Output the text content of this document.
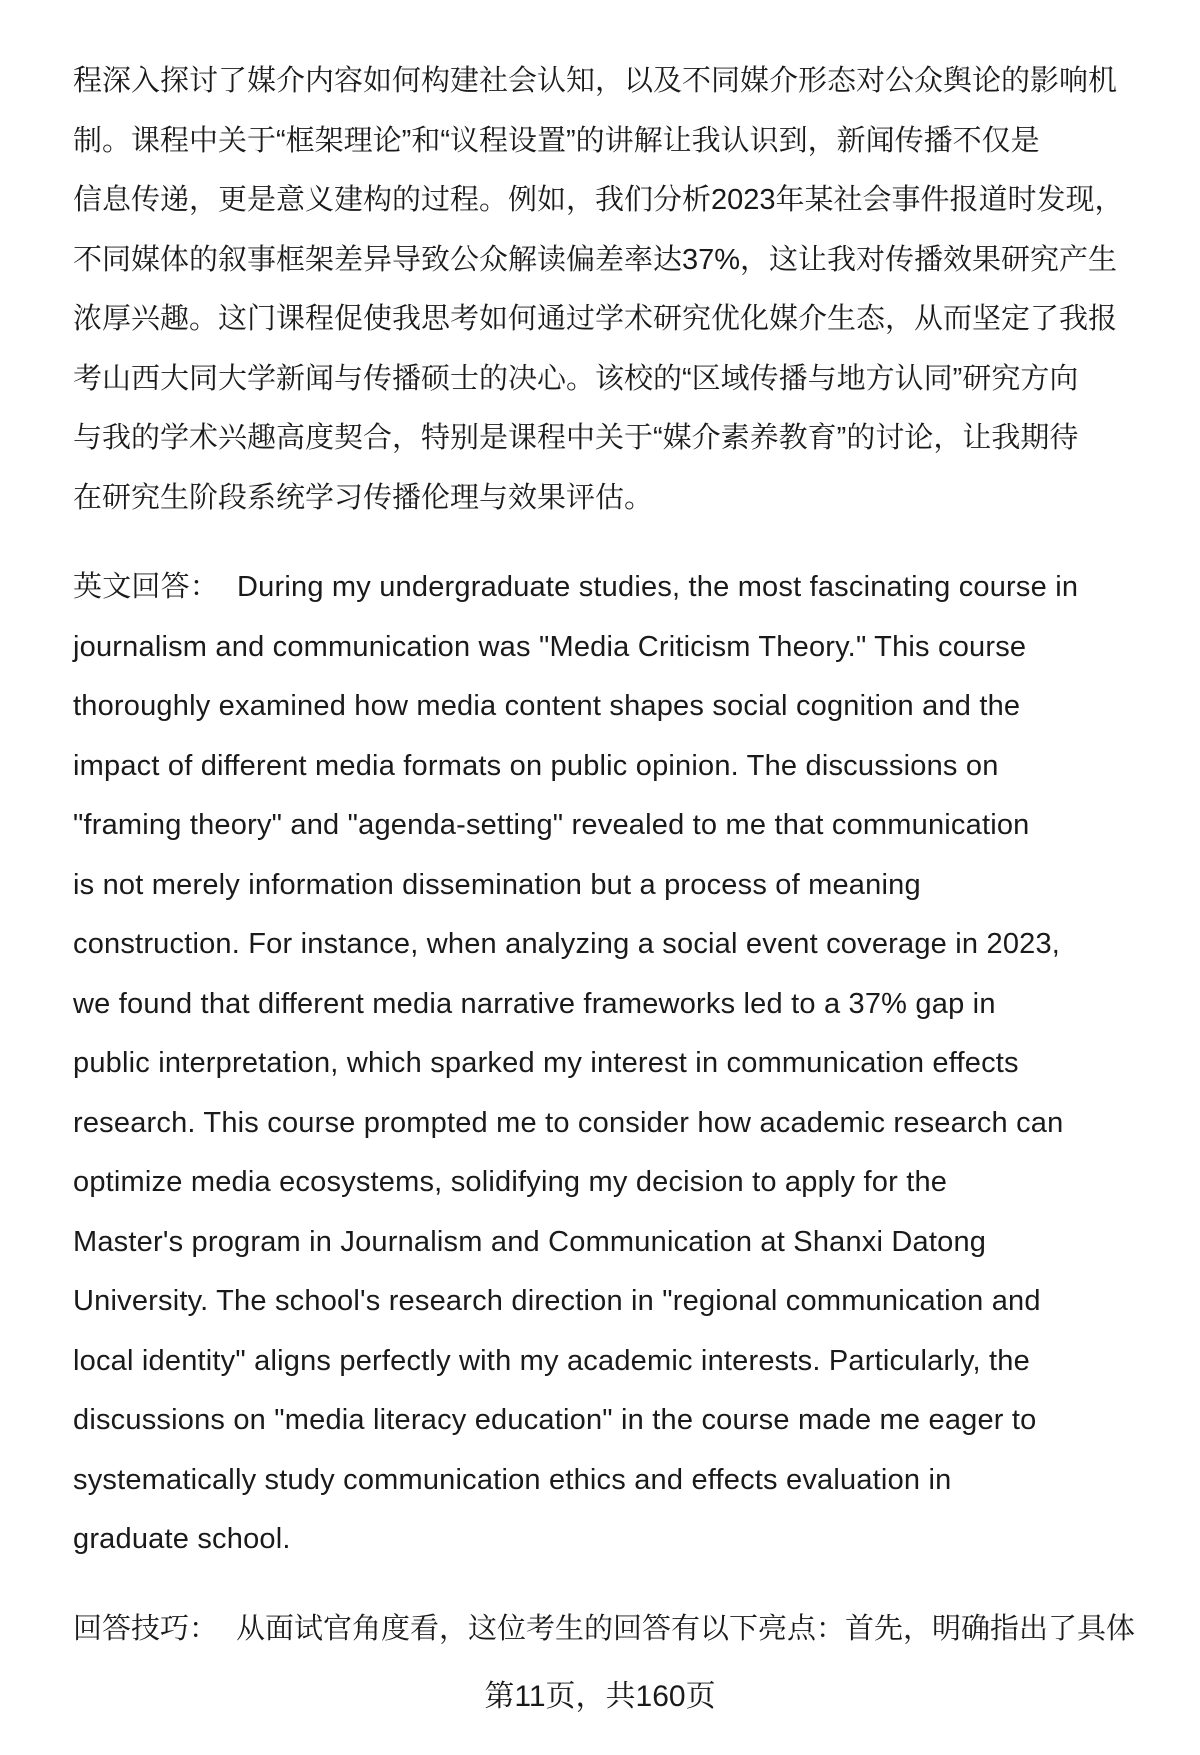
程深入探讨了媒介内容如何构建社会认知，以及不同媒介形态对公众舆论的影响机
制。课程中关于“框架理论”和“议程设置”的讲解让我认识到，新闻传播不仅是
信息传递，更是意义建构的过程。例如，我们分析2023年某社会事件报道时发现，
不同媒体的叙事框架差异导致公众解读偏差率达37%，这让我对传播效果研究产生
浓厚兴趣。这门课程促使我思考如何通过学术研究优化媒介生态，从而坚定了我报
考山西大同大学新闻与传播硕士的决心。该校的“区域传播与地方认同”研究方向
与我的学术兴趣高度契合，特别是课程中关于“媒介素养教育”的讨论，让我期待
在研究生阶段系统学习传播伦理与效果评估。
英文回答： During my undergraduate studies, the most fascinating course in
journalism and communication was "Media Criticism Theory." This course
thoroughly examined how media content shapes social cognition and the
impact of different media formats on public opinion. The discussions on
"framing theory" and "agenda-setting" revealed to me that communication
is not merely information dissemination but a process of meaning
construction. For instance, when analyzing a social event coverage in 2023,
we found that different media narrative frameworks led to a 37% gap in
public interpretation, which sparked my interest in communication effects
research. This course prompted me to consider how academic research can
optimize media ecosystems, solidifying my decision to apply for the
Master's program in Journalism and Communication at Shanxi Datong
University. The school's research direction in "regional communication and
local identity" aligns perfectly with my academic interests. Particularly, the
discussions on "media literacy education" in the course made me eager to
systematically study communication ethics and effects evaluation in
graduate school.
回答技巧： 从面试官角度看，这位考生的回答有以下亮点：首先，明确指出了具体
第11页，共160页
